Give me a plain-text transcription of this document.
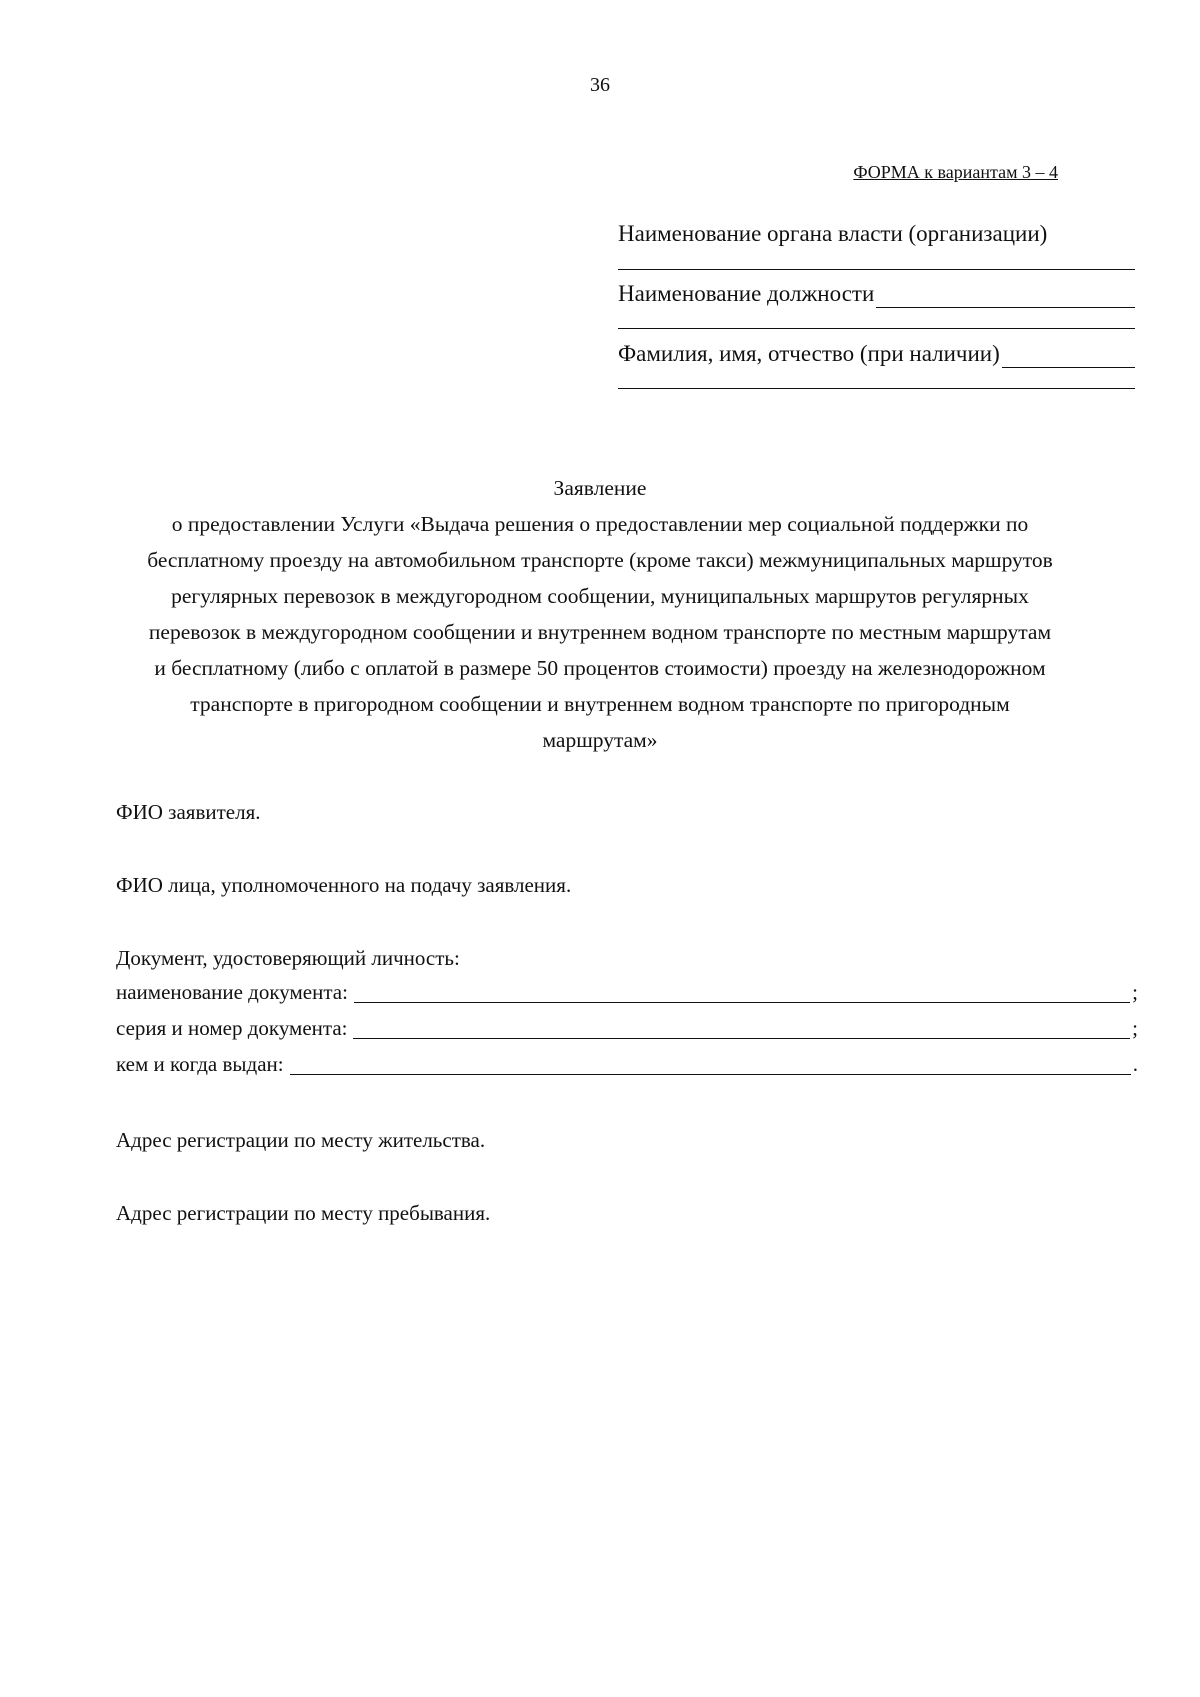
36
ФОРМА к вариантам 3 – 4
Наименование органа власти (организации)
Наименование должности
Фамилия, имя, отчество (при наличии)
Заявление
о предоставлении Услуги «Выдача решения о предоставлении мер социальной поддержки по
бесплатному проезду на автомобильном транспорте (кроме такси) межмуниципальных маршрутов
регулярных перевозок в междугородном сообщении, муниципальных маршрутов регулярных
перевозок в междугородном сообщении и внутреннем водном транспорте по местным маршрутам
и бесплатному (либо с оплатой в размере 50 процентов стоимости) проезду на железнодорожном
транспорте в пригородном сообщении и внутреннем водном транспорте по пригородным
маршрутам»
ФИО заявителя.
ФИО лица, уполномоченного на подачу заявления.
Документ, удостоверяющий личность:
наименование документа:	;
серия и номер документа:	;
кем и когда выдан:	.
Адрес регистрации по месту жительства.
Адрес регистрации по месту пребывания.
